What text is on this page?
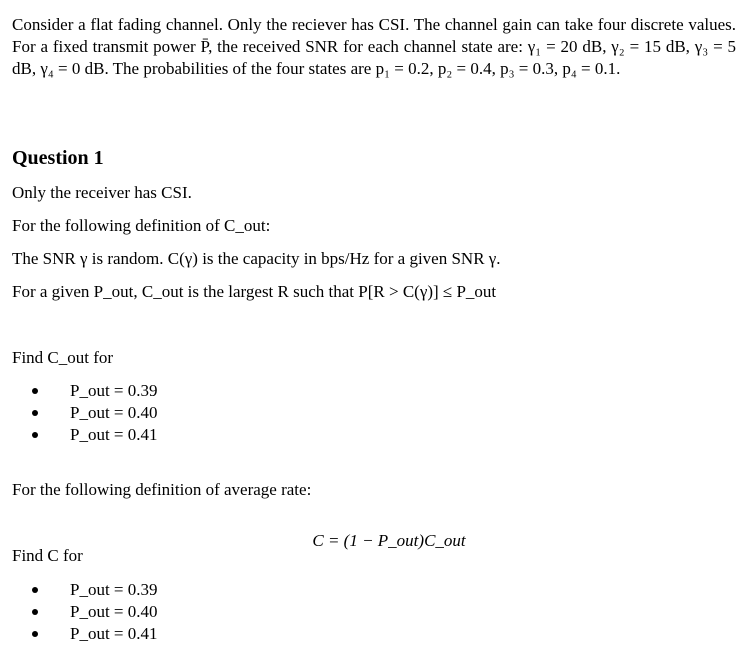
Consider a flat fading channel. Only the reciever has CSI. The channel gain can take four discrete values. For a fixed transmit power P̄, the received SNR for each channel state are: γ₁ = 20 dB, γ₂ = 15 dB, γ₃ = 5 dB, γ₄ = 0 dB. The probabilities of the four states are p₁ = 0.2, p₂ = 0.4, p₃ = 0.3, p₄ = 0.1.

Question 1

Only the receiver has CSI.

For the following definition of C_out:

The SNR γ is random. C(γ) is the capacity in bps/Hz for a given SNR γ.

For a given P_out, C_out is the largest R such that P[R > C(γ)] ≤ P_out

Find C_out for

P_out = 0.39
P_out = 0.40
P_out = 0.41

For the following definition of average rate:

C = (1 − P_out)C_out

Find C for

P_out = 0.39
P_out = 0.40
P_out = 0.41
